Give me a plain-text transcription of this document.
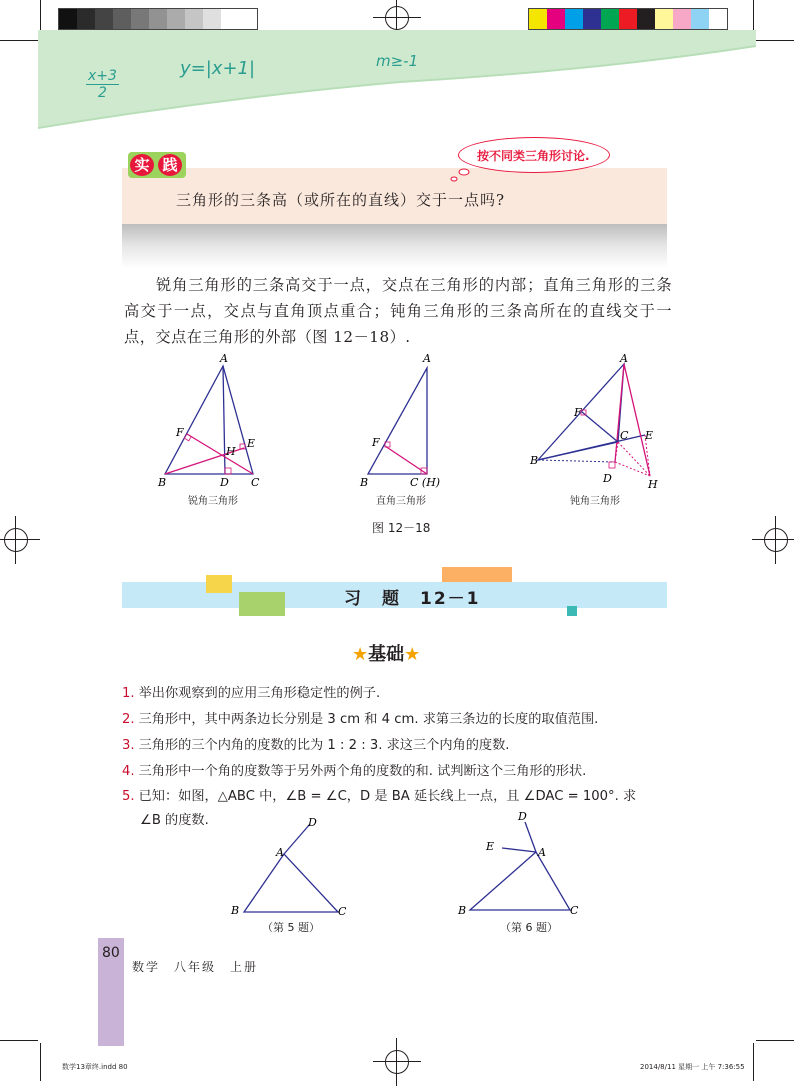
x+3
2
y=|x+1|	m≥-1
实 践
三角形的三条高（或所在的直线）交于一点吗?
按不同类三角形讨论.
锐角三角形的三条高交于一点，交点在三角形的内部；直角三角形的三条高交于一点，交点与直角顶点重合；钝角三角形的三条高所在的直线交于一点，交点在三角形的外部（图 12－18）.
A
B	C
D
F
H
E
A
B	C (H)
F
A
B
C E
D
F
H
锐角三角形	直角三角形	钝角三角形
图 12－18
习　题　12－1
★基础★
1. 举出你观察到的应用三角形稳定性的例子.
2. 三角形中，其中两条边长分别是 3 cm 和 4 cm. 求第三条边的长度的取值范围.
3. 三角形的三个内角的度数的比为 1 : 2 : 3. 求这三个内角的度数.
4. 三角形中一个角的度数等于另外两个角的度数的和. 试判断这个三角形的形状.
5. 已知：如图，△ABC 中，∠B = ∠C，D 是 BA 延长线上一点，且 ∠DAC = 100°. 求
∠B 的度数.	D
A
B	C
D
E	A
B	C
（第 5 题）	（第 6 题）
80
数学　八年级　上册
数学13章终.indd 80	2014/8/11 星期一 上午 7:36:55
